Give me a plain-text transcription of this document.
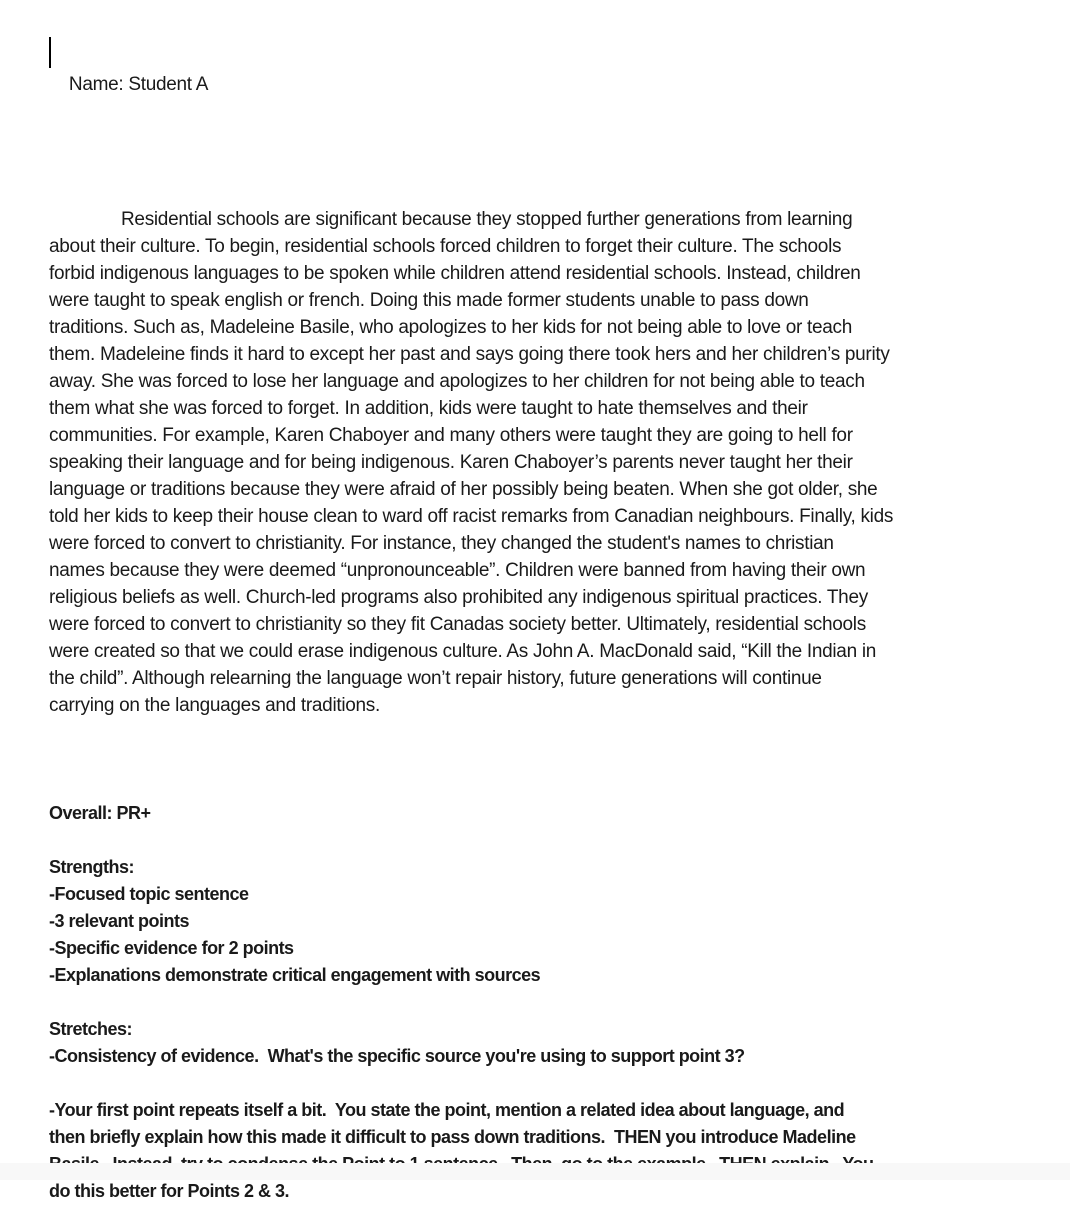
Name: Student A

Residential schools are significant because they stopped further generations from learning
about their culture. To begin, residential schools forced children to forget their culture. The schools
forbid indigenous languages to be spoken while children attend residential schools. Instead, children
were taught to speak english or french. Doing this made former students unable to pass down
traditions. Such as, Madeleine Basile, who apologizes to her kids for not being able to love or teach
them. Madeleine finds it hard to except her past and says going there took hers and her children’s purity
away. She was forced to lose her language and apologizes to her children for not being able to teach
them what she was forced to forget. In addition, kids were taught to hate themselves and their
communities. For example, Karen Chaboyer and many others were taught they are going to hell for
speaking their language and for being indigenous. Karen Chaboyer’s parents never taught her their
language or traditions because they were afraid of her possibly being beaten. When she got older, she
told her kids to keep their house clean to ward off racist remarks from Canadian neighbours. Finally, kids
were forced to convert to christianity. For instance, they changed the student's names to christian
names because they were deemed “unpronounceable”. Children were banned from having their own
religious beliefs as well. Church-led programs also prohibited any indigenous spiritual practices. They
were forced to convert to christianity so they fit Canadas society better. Ultimately, residential schools
were created so that we could erase indigenous culture. As John A. MacDonald said, “Kill the Indian in
the child”. Although relearning the language won’t repair history, future generations will continue
carrying on the languages and traditions.
Overall: PR+
Strengths:
-Focused topic sentence
-3 relevant points
-Specific evidence for 2 points
-Explanations demonstrate critical engagement with sources
Stretches:
-Consistency of evidence.  What's the specific source you're using to support point 3?
-Your first point repeats itself a bit.  You state the point, mention a related idea about language, and
then briefly explain how this made it difficult to pass down traditions.  THEN you introduce Madeline
do this better for Points 2 & 3.
